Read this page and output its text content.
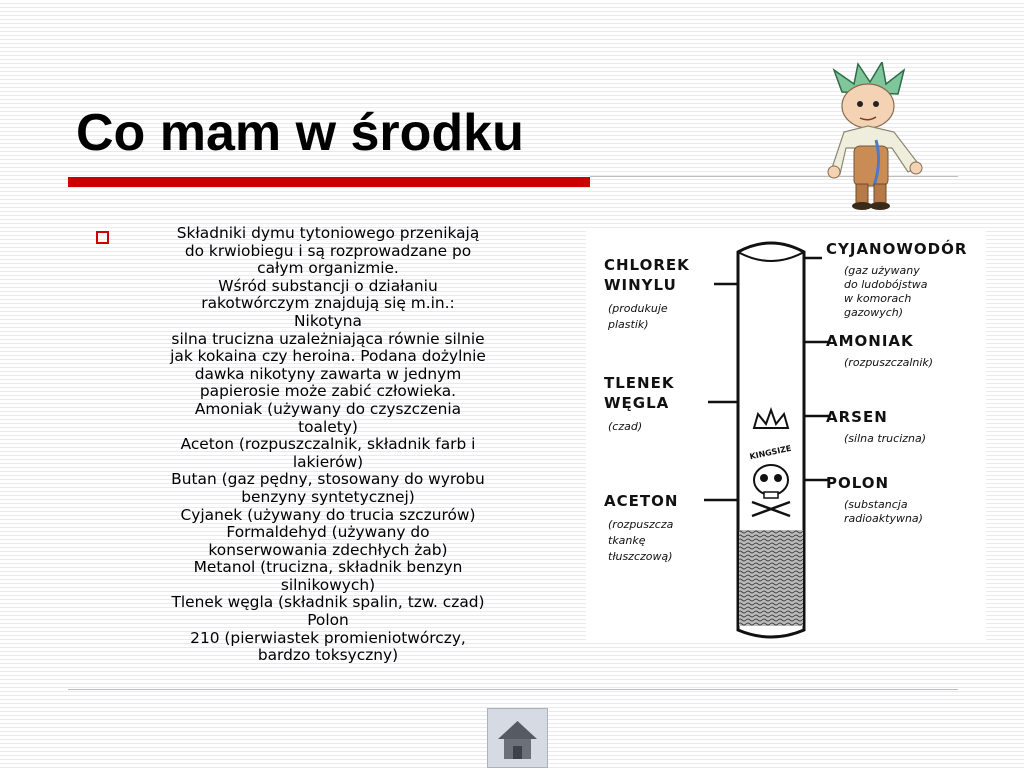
Co mam w środku
Składniki dymu tytoniowego przenikają
do krwiobiegu i są rozprowadzane po
całym organizmie.
Wśród substancji o działaniu
rakotwórczym znajdują się m.in.:
Nikotyna
silna trucizna uzależniająca równie silnie
jak kokaina czy heroina. Podana dożylnie
dawka nikotyny zawarta w jednym
papierosie może zabić człowieka.
Amoniak (używany do czyszczenia
toalety)
Aceton (rozpuszczalnik, składnik farb i
lakierów)
Butan (gaz pędny, stosowany do wyrobu
benzyny syntetycznej)
Cyjanek (używany do trucia szczurów)
Formaldehyd (używany do
konserwowania zdechłych żab)
Metanol (trucizna, składnik benzyn
silnikowych)
Tlenek węgla (składnik spalin, tzw. czad)
Polon
210 (pierwiastek promieniotwórczy,
bardzo toksyczny)
KINGSIZE
CHLOREK
WINYLU
(produkuje
plastik)
TLENEK
WĘGLA
(czad)
ACETON
(rozpuszcza
tkankę
tłuszczową)
CYJANOWODÓR
(gaz używany
do ludobójstwa
w komorach
gazowych)
AMONIAK
(rozpuszczalnik)
ARSEN
(silna trucizna)
POLON
(substancja
radioaktywna)
